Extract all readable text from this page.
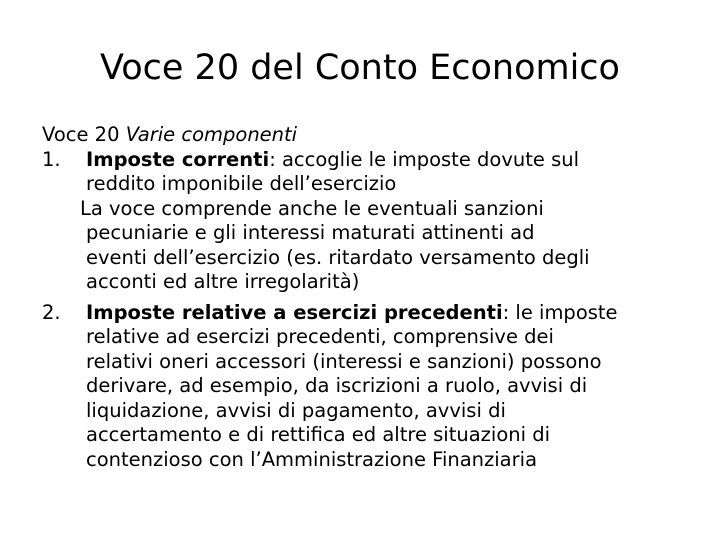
Voce 20 del Conto Economico
Voce 20 Varie componenti
1. Imposte correnti: accoglie le imposte dovute sul
reddito imponibile dell’esercizio
La voce comprende anche le eventuali sanzioni
pecuniarie e gli interessi maturati attinenti ad
eventi dell’esercizio (es. ritardato versamento degli
acconti ed altre irregolarità)
2. Imposte relative a esercizi precedenti: le imposte
relative ad esercizi precedenti, comprensive dei
relativi oneri accessori (interessi e sanzioni) possono
derivare, ad esempio, da iscrizioni a ruolo, avvisi di
liquidazione, avvisi di pagamento, avvisi di
accertamento e di rettifica ed altre situazioni di
contenzioso con l’Amministrazione Finanziaria
